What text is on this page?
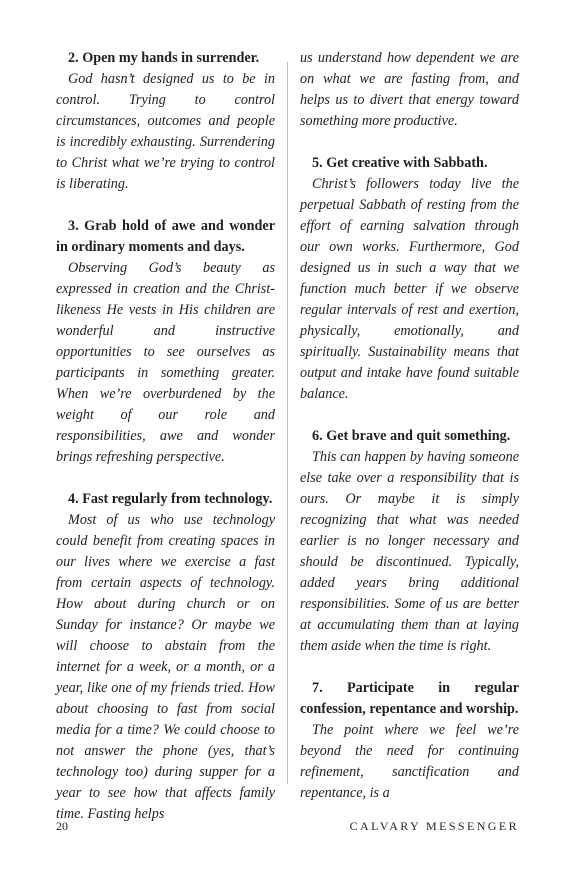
2. Open my hands in surrender.

God hasn’t designed us to be in control. Trying to control circumstances, outcomes and people is incredibly exhausting. Surrendering to Christ what we’re trying to control is liberating.

3. Grab hold of awe and wonder in ordinary moments and days.

Observing God’s beauty as expressed in creation and the Christ-likeness He vests in His children are wonderful and instructive opportunities to see ourselves as participants in something greater. When we’re overburdened by the weight of our role and responsibilities, awe and wonder brings refreshing perspective.

4. Fast regularly from technology.

Most of us who use technology could benefit from creating spaces in our lives where we exercise a fast from certain aspects of technology. How about during church or on Sunday for instance? Or maybe we will choose to abstain from the internet for a week, or a month, or a year, like one of my friends tried. How about choosing to fast from social media for a time? We could choose to not answer the phone (yes, that’s technology too) during supper for a year to see how that affects family time. Fasting helps

us understand how dependent we are on what we are fasting from, and helps us to divert that energy toward something more productive.

5. Get creative with Sabbath.

Christ’s followers today live the perpetual Sabbath of resting from the effort of earning salvation through our own works. Furthermore, God designed us in such a way that we function much better if we observe regular intervals of rest and exertion, physically, emotionally, and spiritually. Sustainability means that output and intake have found suitable balance.

6. Get brave and quit something.

This can happen by having someone else take over a responsibility that is ours. Or maybe it is simply recognizing that what was needed earlier is no longer necessary and should be discontinued. Typically, added years bring additional responsibilities. Some of us are better at accumulating them than at laying them aside when the time is right.

7. Participate in regular confession, repentance and worship.

The point where we feel we’re beyond the need for continuing refinement, sanctification and repentance, is a

20	CALVARY MESSENGER
